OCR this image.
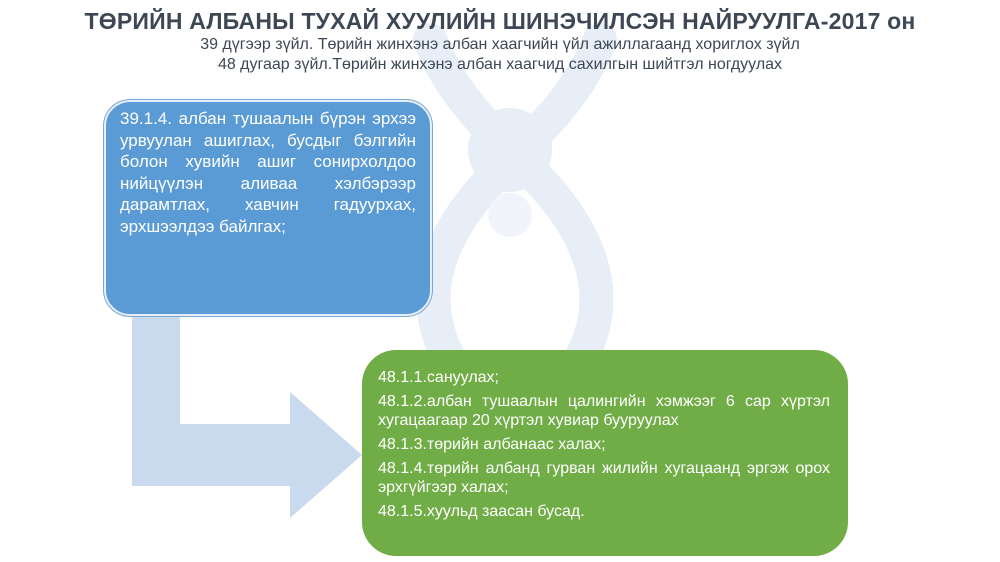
ТӨРИЙН АЛБАНЫ ТУХАЙ ХУУЛИЙН ШИНЭЧИЛСЭН НАЙРУУЛГА-2017 он
39 дүгээр зүйл. Төрийн жинхэнэ албан хаагчийн үйл ажиллагаанд хориглох зүйл
48 дугаар зүйл.Төрийн жинхэнэ албан хаагчид сахилгын шийтгэл ногдуулах
39.1.4. албан тушаалын бүрэн эрхээ урвуулан ашиглах, бусдыг бэлгийн болон хувийн ашиг сонирхолдоо нийцүүлэн аливаа хэлбэрээр дарамтлах, хавчин гадуурхах, эрхшээлдээ байлгах;
48.1.1.сануулах;
48.1.2.албан тушаалын цалингийн хэмжээг 6 сар хүртэл хугацаагаар 20 хүртэл хувиар бууруулах
48.1.3.төрийн албанаас халах;
48.1.4.төрийн албанд гурван жилийн хугацаанд эргэж орох эрхгүйгээр халах;
48.1.5.хуульд заасан бусад.
